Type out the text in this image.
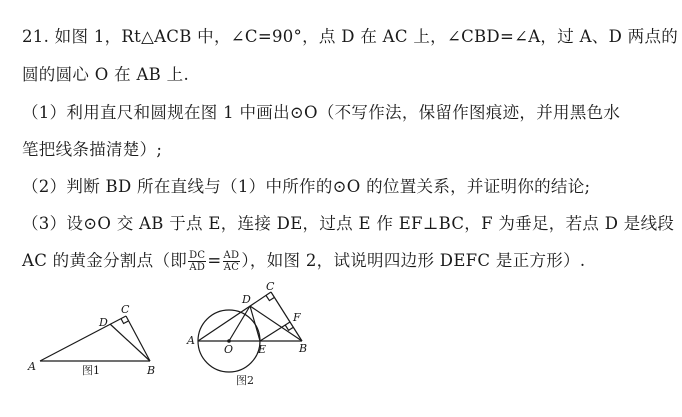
21. 如图 1，Rt△ACB 中，∠C=90°，点 D 在 AC 上，∠CBD=∠A，过 A、D 两点的
圆的圆心 O 在 AB 上.
（1）利用直尺和圆规在图 1 中画出⊙O（不写作法，保留作图痕迹，并用黑色水
笔把线条描清楚）;
（2）判断 BD 所在直线与（1）中所作的⊙O 的位置关系，并证明你的结论;
（3）设⊙O 交 AB 于点 E，连接 DE，过点 E 作 EF⊥BC，F 为垂足，若点 D 是线段
AC 的黄金分割点（即 $\frac{DC}{AD} = \frac{AD}{AC}$ ），如图 2，试说明四边形 DEFC 是正方形）.
A	B
C
D
图1
A
B
C
D
E
F
O
图2
